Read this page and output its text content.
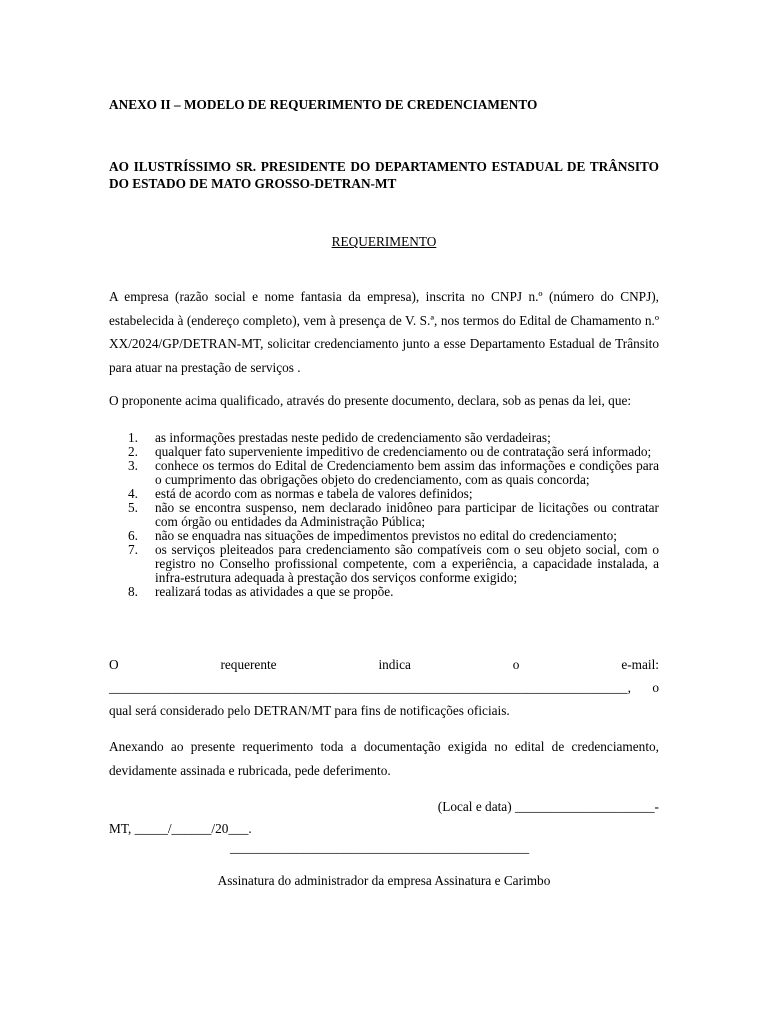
ANEXO II – MODELO DE REQUERIMENTO DE CREDENCIAMENTO
AO ILUSTRÍSSIMO SR. PRESIDENTE DO DEPARTAMENTO ESTADUAL DE TRÂNSITO DO ESTADO DE MATO GROSSO-DETRAN-MT
REQUERIMENTO
A empresa (razão social e nome fantasia da empresa), inscrita no CNPJ n.º (número do CNPJ), estabelecida à (endereço completo), vem à presença de V. S.ª, nos termos do Edital de Chamamento n.º XX/2024/GP/DETRAN-MT, solicitar credenciamento junto a esse Departamento Estadual de Trânsito para atuar na prestação de serviços .
O proponente acima qualificado, através do presente documento, declara, sob as penas da lei, que:
1. as informações prestadas neste pedido de credenciamento são verdadeiras;
2. qualquer fato superveniente impeditivo de credenciamento ou de contratação será informado;
3. conhece os termos do Edital de Credenciamento bem assim das informações e condições para o cumprimento das obrigações objeto do credenciamento, com as quais concorda;
4. está de acordo com as normas e tabela de valores definidos;
5. não se encontra suspenso, nem declarado inidôneo para participar de licitações ou contratar com órgão ou entidades da Administração Pública;
6. não se enquadra nas situações de impedimentos previstos no edital do credenciamento;
7. os serviços pleiteados para credenciamento são compatíveis com o seu objeto social, com o registro no Conselho profissional competente, com a experiência, a capacidade instalada, a infra-estrutura adequada à prestação dos serviços conforme exigido;
8. realizará todas as atividades a que se propõe.
O	requerente	indica	o	e-mail:
______________________________________________________________________________, o
qual será considerado pelo DETRAN/MT para fins de notificações oficiais.
Anexando ao presente requerimento toda a documentação exigida no edital de credenciamento, devidamente assinada e rubricada, pede deferimento.
(Local e data) _____________________-
MT, _____/______/20___.
_____________________________________________
Assinatura do administrador da empresa Assinatura e Carimbo
